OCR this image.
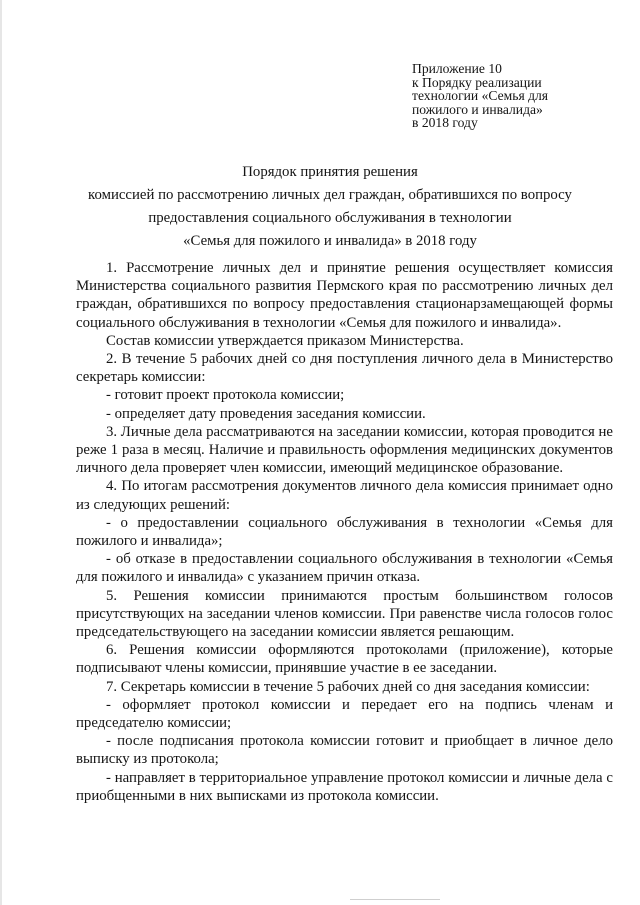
Приложение 10
к Порядку реализации
технологии «Семья для
пожилого и инвалида»
в 2018 году
Порядок принятия решения
комиссией по рассмотрению личных дел граждан, обратившихся по вопросу
предоставления социального обслуживания в технологии
«Семья для пожилого и инвалида» в 2018 году

1. Рассмотрение личных дел и принятие решения осуществляет комиссия Министерства социального развития Пермского края по рассмотрению личных дел граждан, обратившихся по вопросу предоставления стационарзамещающей формы социального обслуживания в технологии «Семья для пожилого и инвалида».

Состав комиссии утверждается приказом Министерства.

2. В течение 5 рабочих дней со дня поступления личного дела в Министерство секретарь комиссии:

- готовит проект протокола комиссии;

- определяет дату проведения заседания комиссии.

3. Личные дела рассматриваются на заседании комиссии, которая проводится не реже 1 раза в месяц. Наличие и правильность оформления медицинских документов личного дела проверяет член комиссии, имеющий медицинское образование.

4. По итогам рассмотрения документов личного дела комиссия принимает одно из следующих решений:

- о предоставлении социального обслуживания в технологии «Семья для пожилого и инвалида»;

- об отказе в предоставлении социального обслуживания в технологии «Семья для пожилого и инвалида» с указанием причин отказа.

5. Решения комиссии принимаются простым большинством голосов присутствующих на заседании членов комиссии. При равенстве числа голосов голос председательствующего на заседании комиссии является решающим.

6. Решения комиссии оформляются протоколами (приложение), которые подписывают члены комиссии, принявшие участие в ее заседании.

7. Секретарь комиссии в течение 5 рабочих дней со дня заседания комиссии:

- оформляет протокол комиссии и передает его на подпись членам и председателю комиссии;

- после подписания протокола комиссии готовит и приобщает в личное дело выписку из протокола;

- направляет в территориальное управление протокол комиссии и личные дела с приобщенными в них выписками из протокола комиссии.
